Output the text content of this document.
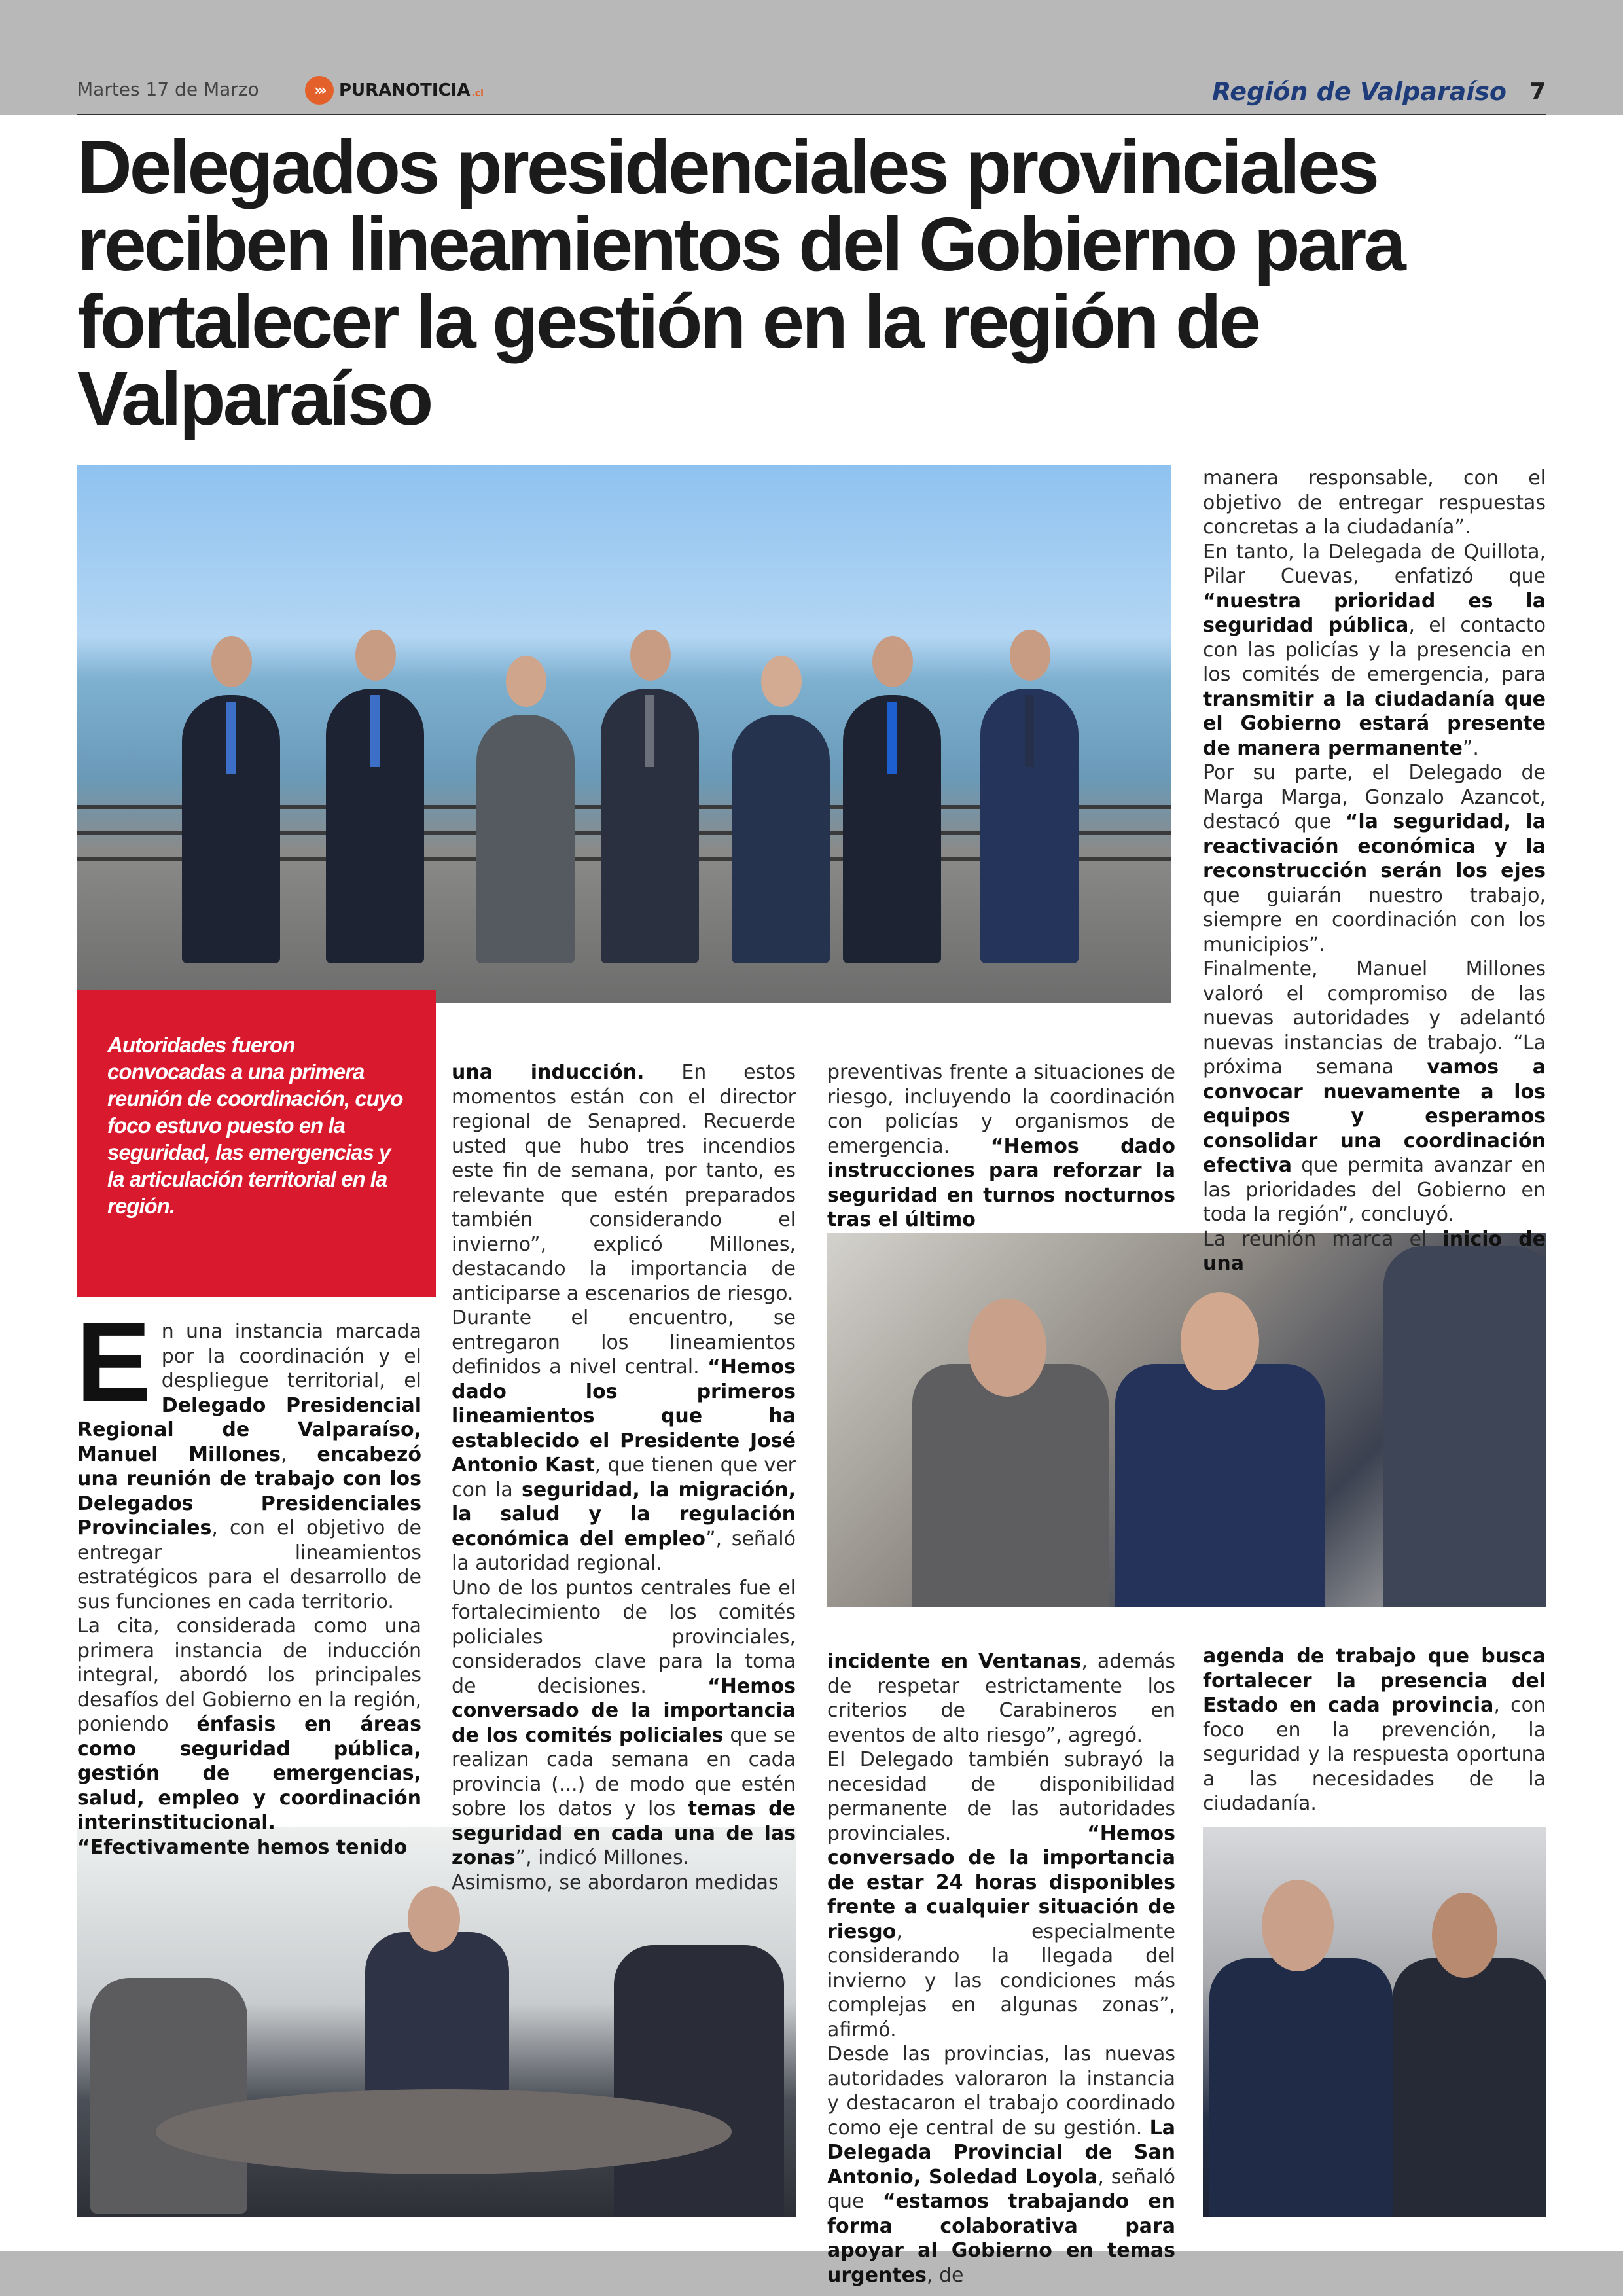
Martes 17 de Marzo	››› PURANOTICIA .cl	Región de Valparaíso 7
Delegados presidenciales provinciales reciben lineamientos del Gobierno para fortalecer la gestión en la región de Valparaíso

Autoridades fueron convocadas a una primera reunión de coordinación, cuyo foco estuvo puesto en la seguridad, las emergencias y la articulación territorial en la región.

En una instancia marcada por la coordinación y el despliegue territorial, el Delegado Presidencial Regional de Valparaíso, Manuel Millones, encabezó una reunión de trabajo con los Delegados Presidenciales Provinciales, con el objetivo de entregar lineamientos estratégicos para el desarrollo de sus funciones en cada territorio.

La cita, considerada como una primera instancia de inducción integral, abordó los principales desafíos del Gobierno en la región, poniendo énfasis en áreas como seguridad pública, gestión de emergencias, salud, empleo y coordinación interinstitucional.

“Efectivamente hemos tenido

una inducción. En estos momentos están con el director regional de Senapred. Recuerde usted que hubo tres incendios este fin de semana, por tanto, es relevante que estén preparados también considerando el invierno”, explicó Millones, destacando la importancia de anticiparse a escenarios de riesgo.

Durante el encuentro, se entregaron los lineamientos definidos a nivel central. “Hemos dado los primeros lineamientos que ha establecido el Presidente José Antonio Kast, que tienen que ver con la seguridad, la migración, la salud y la regulación económica del empleo”, señaló la autoridad regional.

Uno de los puntos centrales fue el fortalecimiento de los comités policiales provinciales, considerados clave para la toma de decisiones. “Hemos conversado de la importancia de los comités policiales que se realizan cada semana en cada provincia (...) de modo que estén sobre los datos y los temas de seguridad en cada una de las zonas”, indicó Millones.

Asimismo, se abordaron medidas

preventivas frente a situaciones de riesgo, incluyendo la coordinación con policías y organismos de emergencia. “Hemos dado instrucciones para reforzar la seguridad en turnos nocturnos tras el último

incidente en Ventanas, además de respetar estrictamente los criterios de Carabineros en eventos de alto riesgo”, agregó.

El Delegado también subrayó la necesidad de disponibilidad permanente de las autoridades provinciales. “Hemos conversado de la importancia de estar 24 horas disponibles frente a cualquier situación de riesgo, especialmente considerando la llegada del invierno y las condiciones más complejas en algunas zonas”, afirmó.

Desde las provincias, las nuevas autoridades valoraron la instancia y destacaron el trabajo coordinado como eje central de su gestión. La Delegada Provincial de San Antonio, Soledad Loyola, señaló que “estamos trabajando en forma colaborativa para apoyar al Gobierno en temas urgentes, de

manera responsable, con el objetivo de entregar respuestas concretas a la ciudadanía”.

En tanto, la Delegada de Quillota, Pilar Cuevas, enfatizó que “nuestra prioridad es la seguridad pública, el contacto con las policías y la presencia en los comités de emergencia, para transmitir a la ciudadanía que el Gobierno estará presente de manera permanente”.

Por su parte, el Delegado de Marga Marga, Gonzalo Azancot, destacó que “la seguridad, la reactivación económica y la reconstrucción serán los ejes que guiarán nuestro trabajo, siempre en coordinación con los municipios”.

Finalmente, Manuel Millones valoró el compromiso de las nuevas autoridades y adelantó nuevas instancias de trabajo. “La próxima semana vamos a convocar nuevamente a los equipos y esperamos consolidar una coordinación efectiva que permita avanzar en las prioridades del Gobierno en toda la región”, concluyó.

La reunión marca el inicio de una

agenda de trabajo que busca fortalecer la presencia del Estado en cada provincia, con foco en la prevención, la seguridad y la respuesta oportuna a las necesidades de la ciudadanía.
